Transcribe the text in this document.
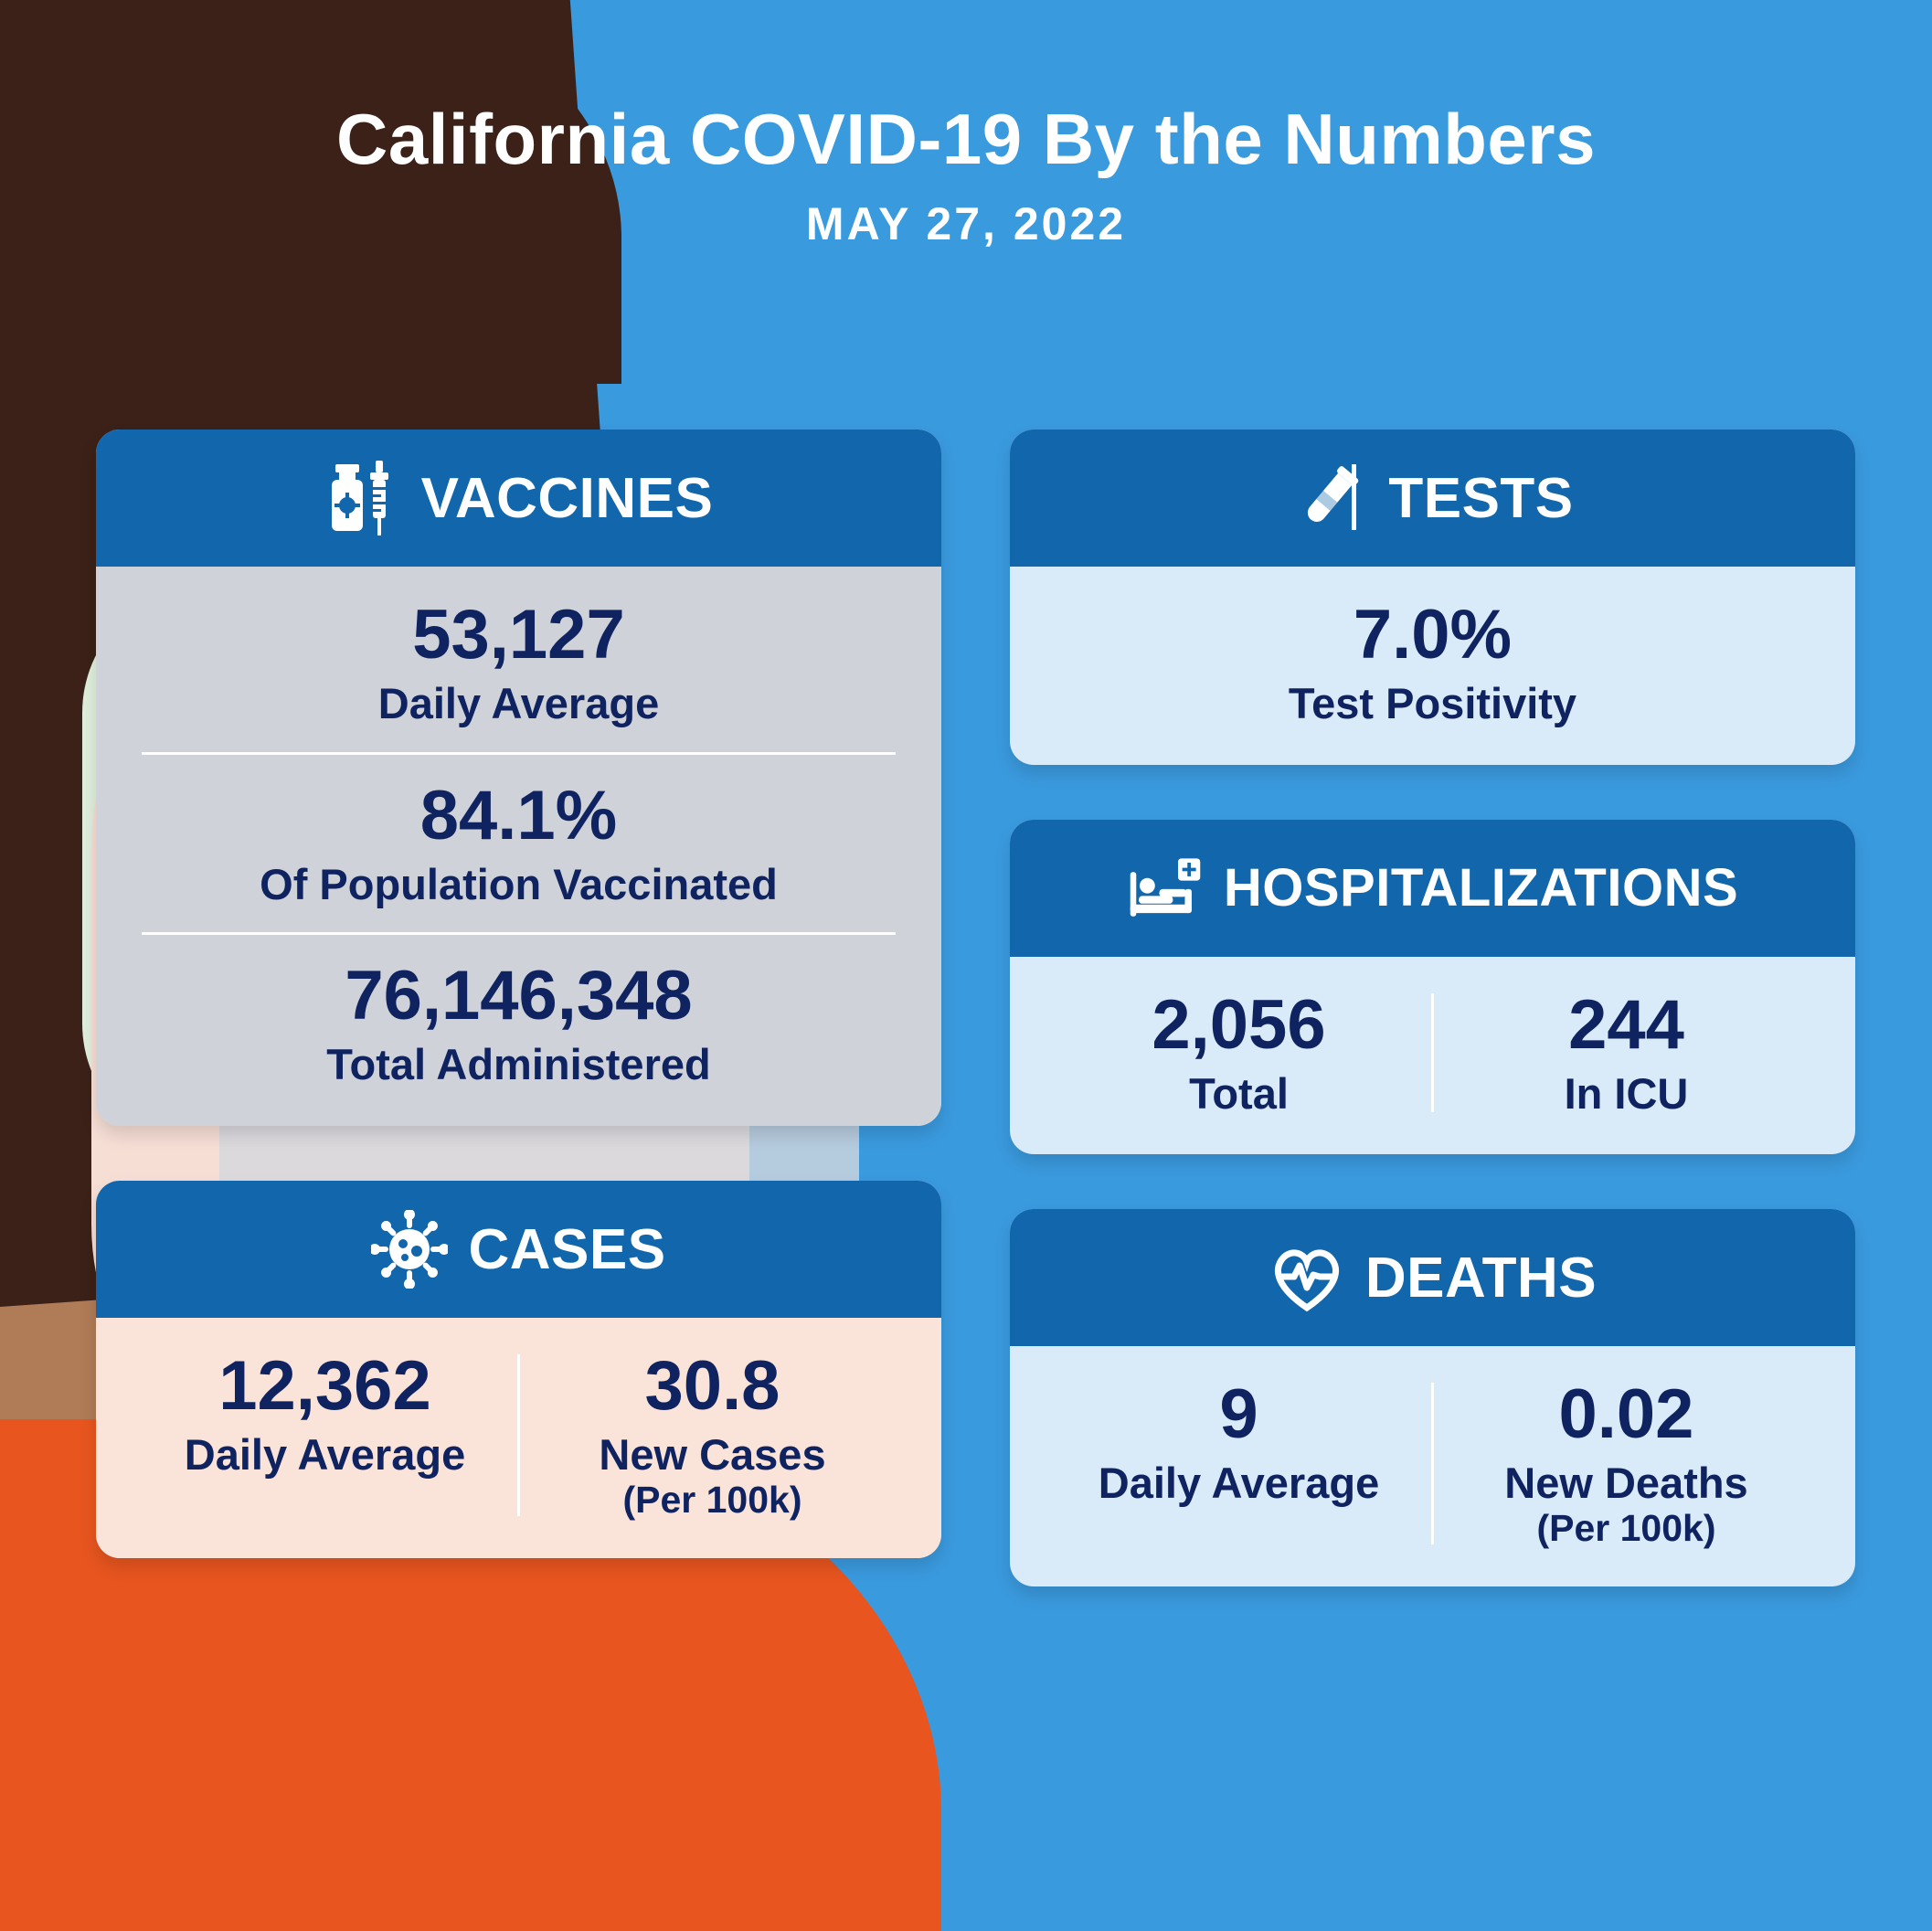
California COVID-19 By the Numbers
MAY 27, 2022
VACCINES
53,127
Daily Average
84.1%
Of Population Vaccinated
76,146,348
Total Administered
CASES
12,362
Daily Average
30.8
New Cases
(Per 100k)
TESTS
7.0%
Test Positivity
HOSPITALIZATIONS
2,056
Total
244
In ICU
DEATHS
9
Daily Average
0.02
New Deaths
(Per 100k)
